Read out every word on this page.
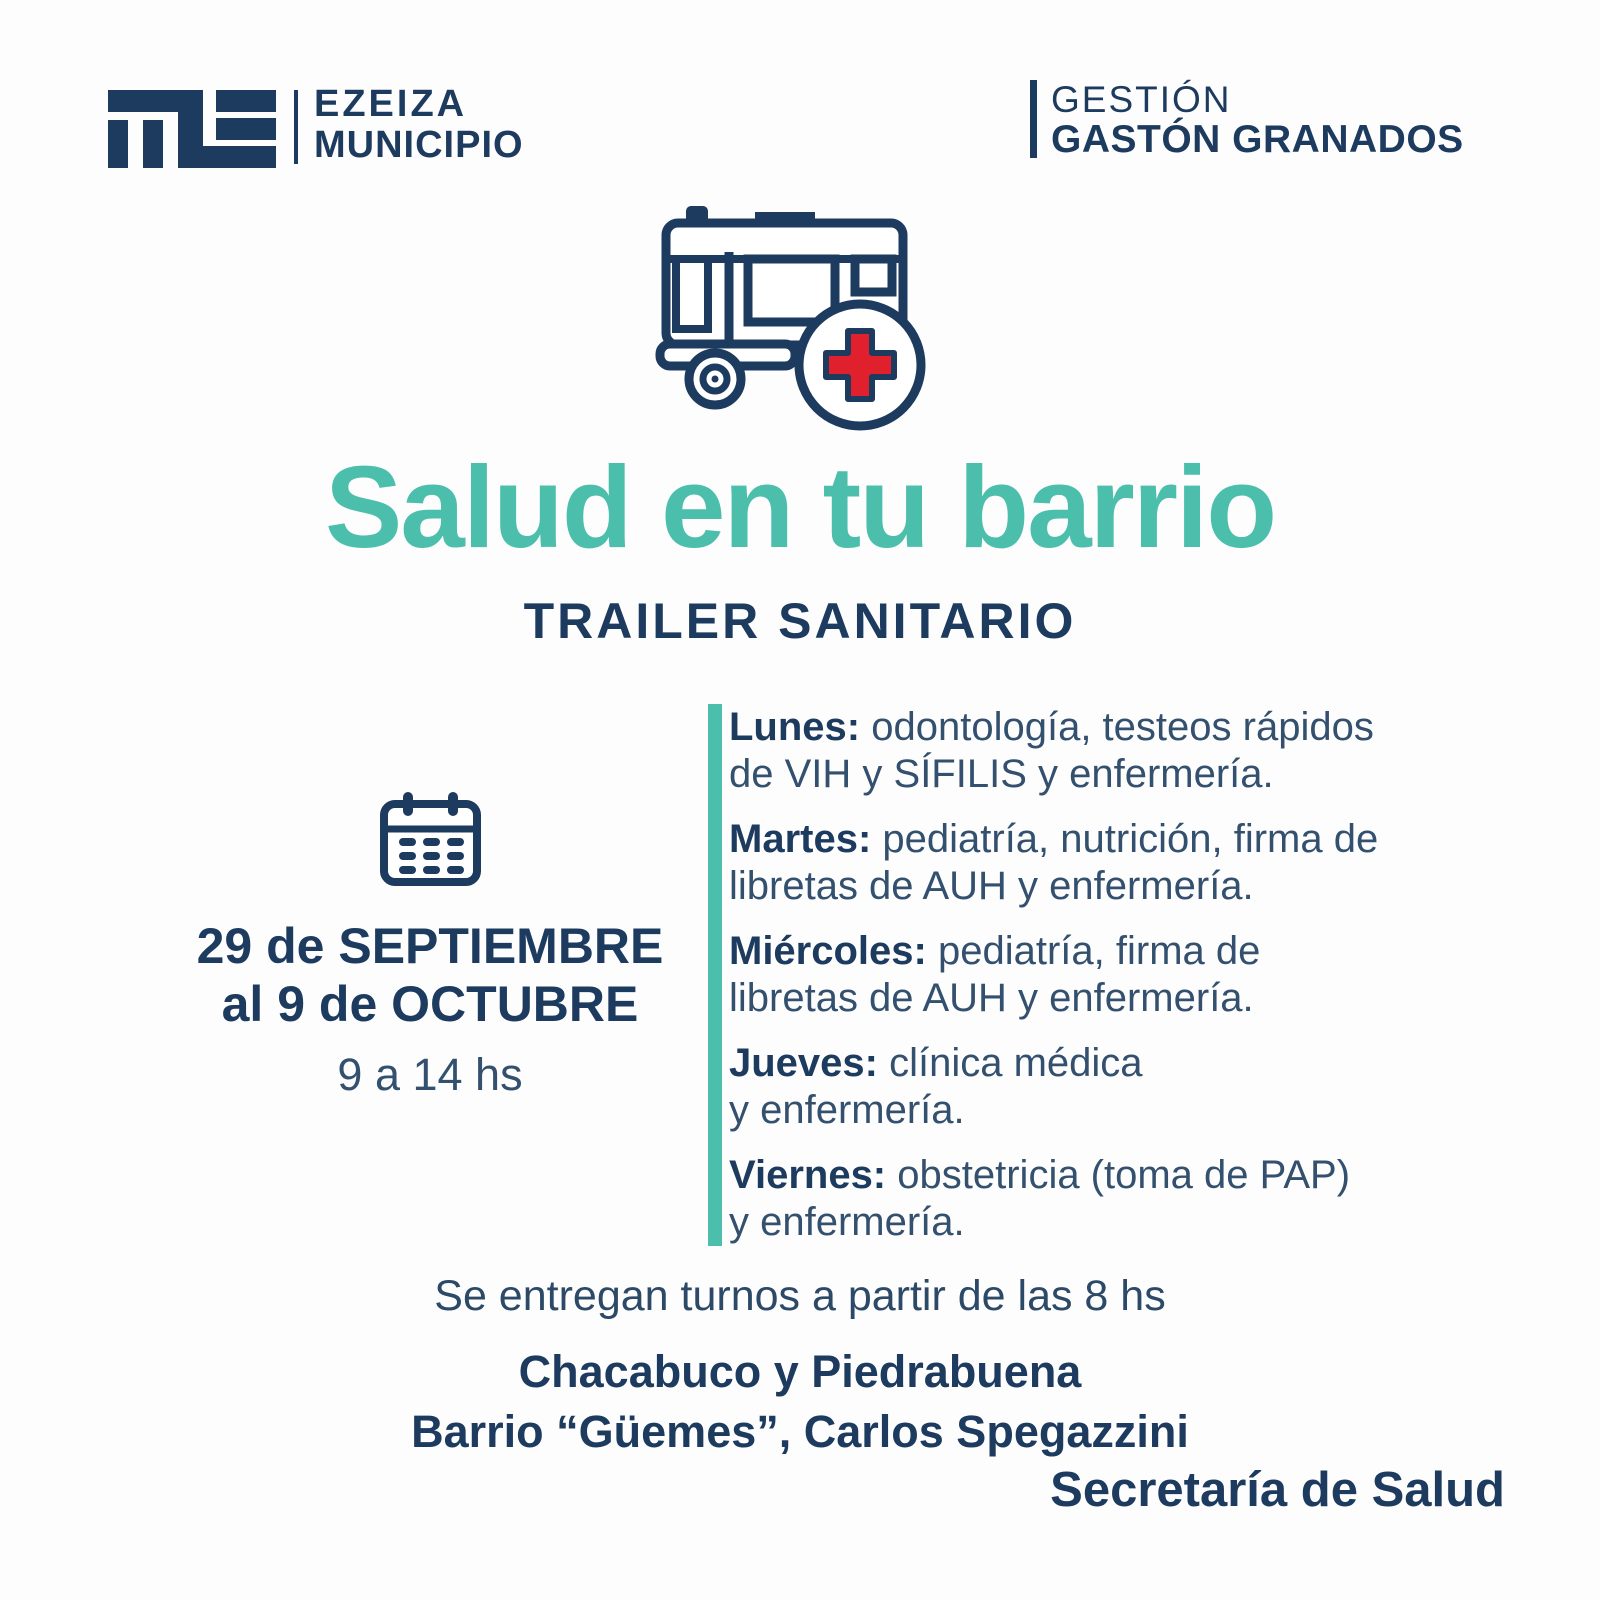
EZEIZA
MUNICIPIO
GESTIÓN
GASTÓN GRANADOS
Salud en tu barrio
TRAILER SANITARIO
29 de SEPTIEMBRE
al 9 de OCTUBRE
9 a 14 hs

Lunes: odontología, testeos rápidos

de VIH y SÍFILIS y enfermería.

Martes: pediatría, nutrición, firma de

libretas de AUH y enfermería.

Miércoles: pediatría, firma de

libretas de AUH y enfermería.

Jueves: clínica médica

y enfermería.

Viernes: obstetricia (toma de PAP)

y enfermería.

Se entregan turnos a partir de las 8 hs

Chacabuco y Piedrabuena
Barrio “Güemes”, Carlos Spegazzini

Secretaría de Salud
